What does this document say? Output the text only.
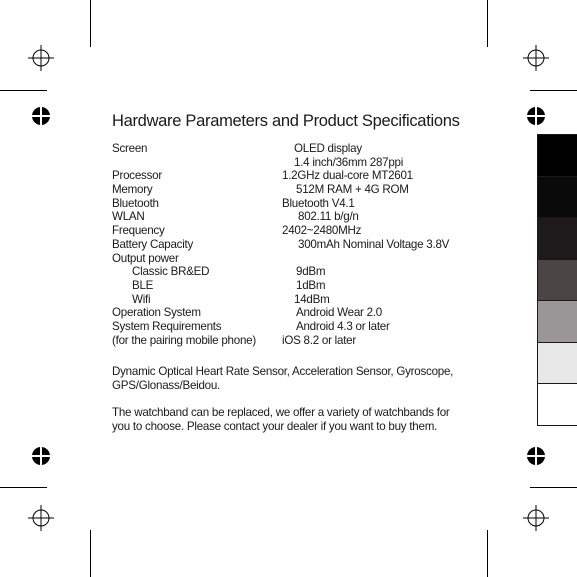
Hardware Parameters and Product Specifications
Screen	OLED display
1.4 inch/36mm 287ppi
Processor	1.2GHz dual-core MT2601
Memory	512M RAM + 4G ROM
Bluetooth	Bluetooth V4.1
WLAN	802.11 b/g/n
Frequency	2402~2480MHz
Battery Capacity	300mAh Nominal Voltage 3.8V
Output power
Classic BR&ED	9dBm
BLE	1dBm
Wifi	14dBm
Operation System	Android Wear 2.0
System Requirements	Android 4.3 or later
(for the pairing mobile phone) iOS 8.2 or later

Dynamic Optical Heart Rate Sensor, Acceleration Sensor, Gyroscope, GPS/Glonass/Beidou.

The watchband can be replaced, we offer a variety of watchbands for you to choose. Please contact your dealer if you want to buy them.
